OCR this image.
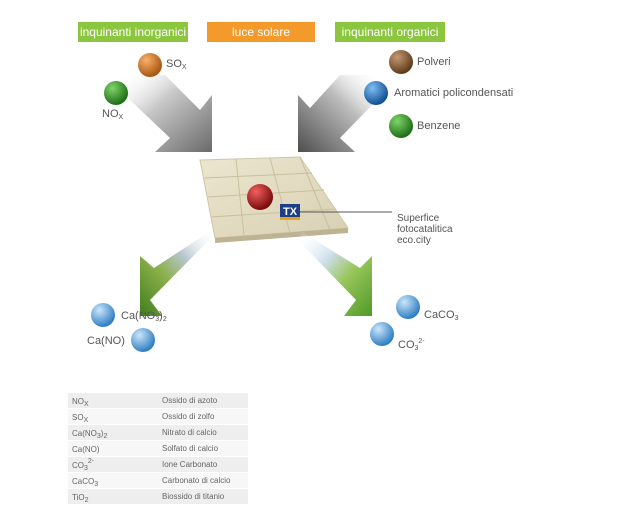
inquinanti inorganici	luce solare	inquinanti organici
TX
$SO_X$
$NO_X$
Polveri
Aromatici policondensati
Benzene
Superfice
fotocatalitica
eco.city
$Ca(NO_3)_2$
Ca(NO)
CaCO$_3$
$CO_3^{2-}$
NOX	Ossido di azoto
SOX	Ossido di zolfo
Ca(NO3)2	Nitrato di calcio
Ca(NO)	Solfato di calcio
CO32-	Ione Carbonato
CaCO3	Carbonato di calcio
TiO2	Biossido di titanio
